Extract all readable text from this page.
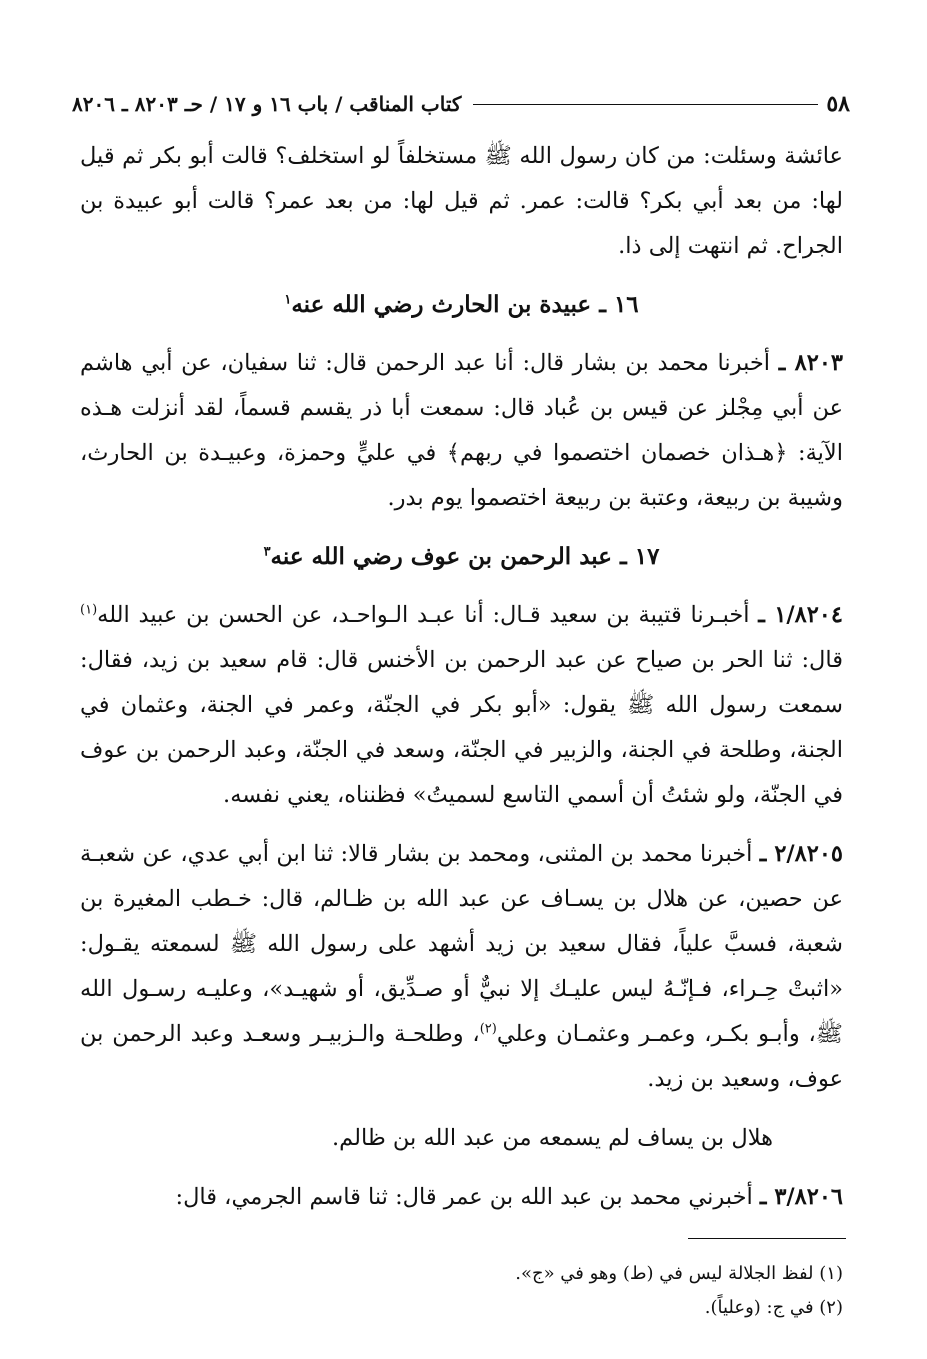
٥٨
كتاب المناقب / باب ١٦ و ١٧ / حـ ٨٢٠٣ ـ ٨٢٠٦

عائشة وسئلت: من كان رسول الله ﷺ مستخلفاً لو استخلف؟ قالت أبو بكر ثم قيل لها: من بعد أبي بكر؟ قالت: عمر. ثم قيل لها: من بعد عمر؟ قالت أبو عبيدة بن الجراح. ثم انتهت إلى ذا.

١٦ ـ عبيدة بن الحارث رضي الله عنه$^١$

٨٢٠٣ ـ أخبرنا محمد بن بشار قال: أنا عبد الرحمن قال: ثنا سفيان، عن أبي هاشم عن أبي مِجْلز عن قيس بن عُباد قال: سمعت أبا ذر يقسم قسماً، لقد أنزلت هـذه الآية: ﴿هـذان خصمان اختصموا في ربهم﴾ في عليٍّ وحمزة، وعبيـدة بن الحارث، وشيبة بن ربيعة، وعتبة بن ربيعة اختصموا يوم بدر.

١٧ ـ عبد الرحمن بن عوف رضي الله عنه$^٣$

١/٨٢٠٤ ـ أخبـرنا قتيبة بن سعيد قـال: أنا عبـد الـواحـد، عن الحسن بن عبيد الله$^{(١)}$ قال: ثنا الحر بن صياح عن عبد الرحمن بن الأخنس قال: قام سعيد بن زيد، فقال: سمعت رسول الله ﷺ يقول: «أبو بكر في الجنّة، وعمر في الجنة، وعثمان في الجنة، وطلحة في الجنة، والزبير في الجنّة، وسعد في الجنّة، وعبد الرحمن بن عوف في الجنّة، ولو شئتُ أن أسمي التاسع لسميتُ» فظنناه، يعني نفسه.

٢/٨٢٠٥ ـ أخبرنا محمد بن المثنى، ومحمد بن بشار قالا: ثنا ابن أبي عدي، عن شعبـة عن حصين، عن هلال بن يسـاف عن عبد الله بن ظـالم، قال: خـطب المغيرة بن شعبة، فسبَّ علياً، فقال سعيد بن زيد أشهد على رسول الله ﷺ لسمعته يقـول: «اثبتْ حِـراء، فـإنّـهُ ليس عليـك إلا نبيٌّ أو صـدِّيق، أو شهيـد»، وعليـه رسـول الله ﷺ، وأبـو بكـر، وعمـر وعثمـان وعلي$^{(٢)}$، وطلحـة والـزبيـر وسعـد وعبد الرحمن بن عوف، وسعيد بن زيد.

هلال بن يساف لم يسمعه من عبد الله بن ظالم.

٣/٨٢٠٦ ـ أخبرني محمد بن عبد الله بن عمر قال: ثنا قاسم الجرمي، قال:

(١) لفظ الجلالة ليس في (ط) وهو في «ج».
(٢) في ج: (وعلياً).
